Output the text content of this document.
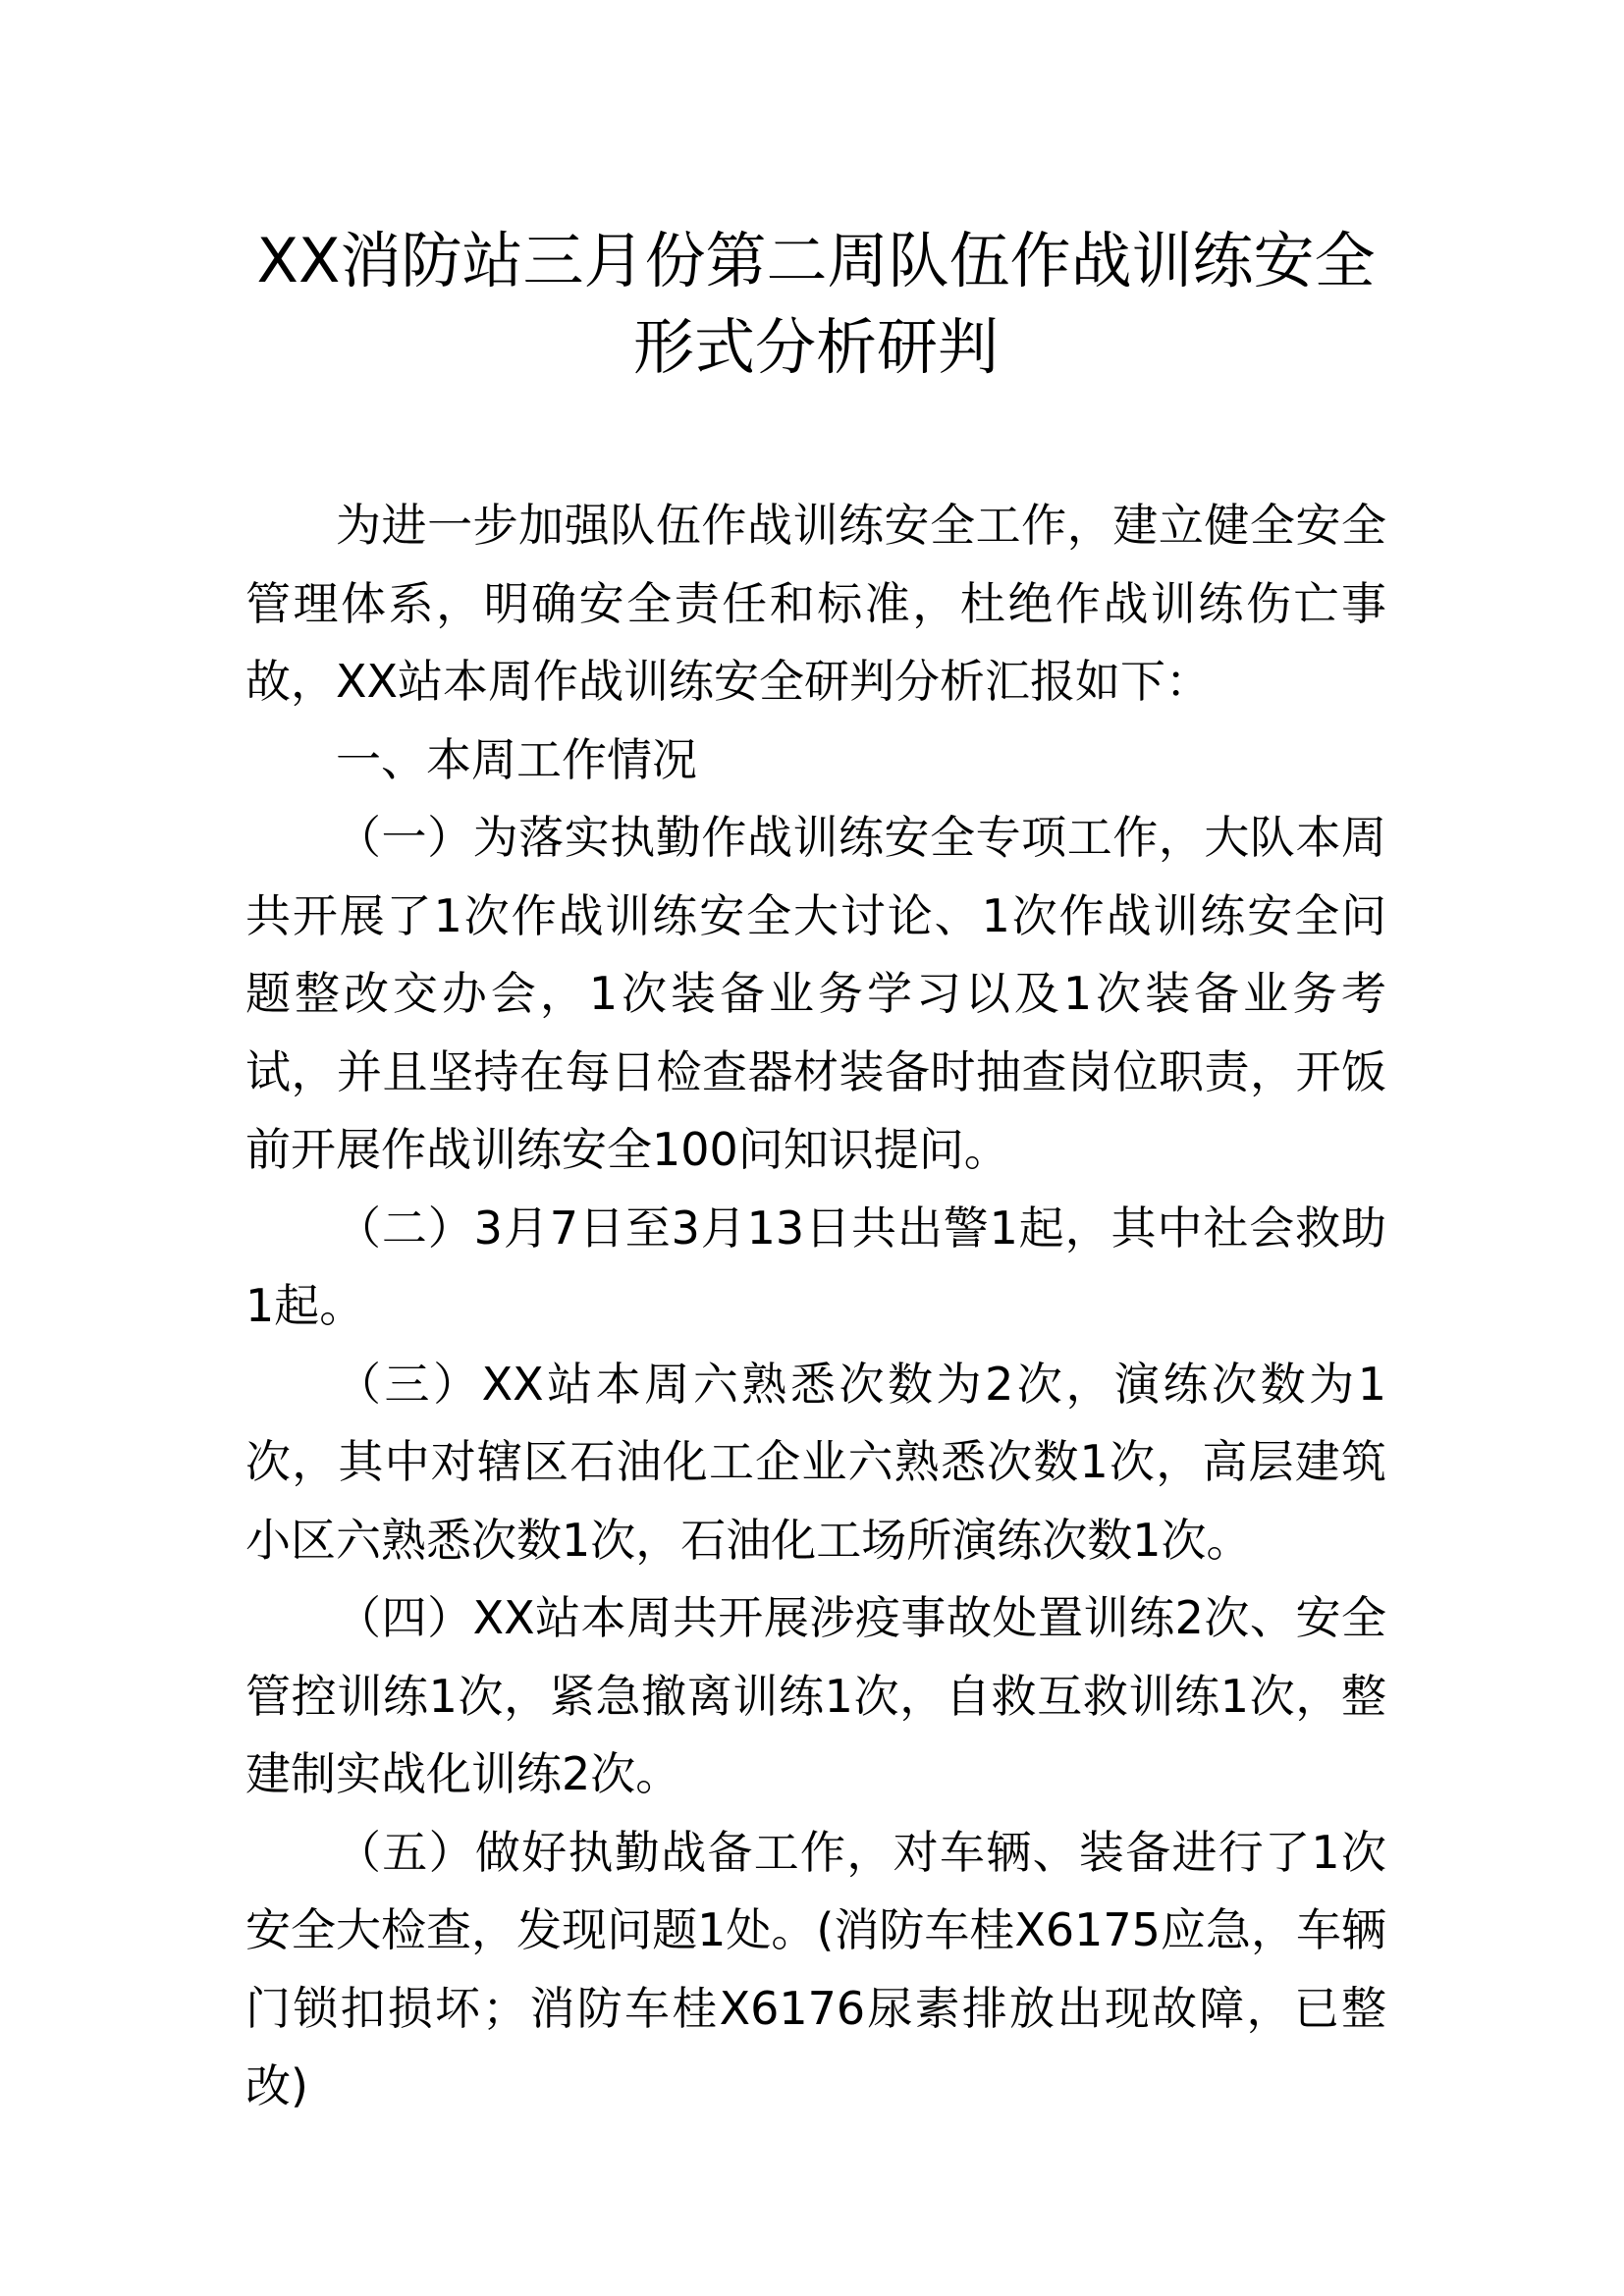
XX消防站三月份第二周队伍作战训练安全
形式分析研判

为进一步加强队伍作战训练安全工作，建立健全安全管理体系，明确安全责任和标准，杜绝作战训练伤亡事故，XX站本周作战训练安全研判分析汇报如下：

一、本周工作情况

（一）为落实执勤作战训练安全专项工作，大队本周共开展了1次作战训练安全大讨论、1次作战训练安全问题整改交办会，1次装备业务学习以及1次装备业务考试，并且坚持在每日检查器材装备时抽查岗位职责，开饭前开展作战训练安全100问知识提问。

（二）3月7日至3月13日共出警1起，其中社会救助1起。

（三）XX站本周六熟悉次数为2次，演练次数为1次，其中对辖区石油化工企业六熟悉次数1次，高层建筑小区六熟悉次数1次，石油化工场所演练次数1次。

（四）XX站本周共开展涉疫事故处置训练2次、安全管控训练1次，紧急撤离训练1次，自救互救训练1次，整建制实战化训练2次。

（五）做好执勤战备工作，对车辆、装备进行了1次安全大检查，发现问题1处。(消防车桂X6175应急，车辆门锁扣损坏；消防车桂X6176尿素排放出现故障，已整改)
